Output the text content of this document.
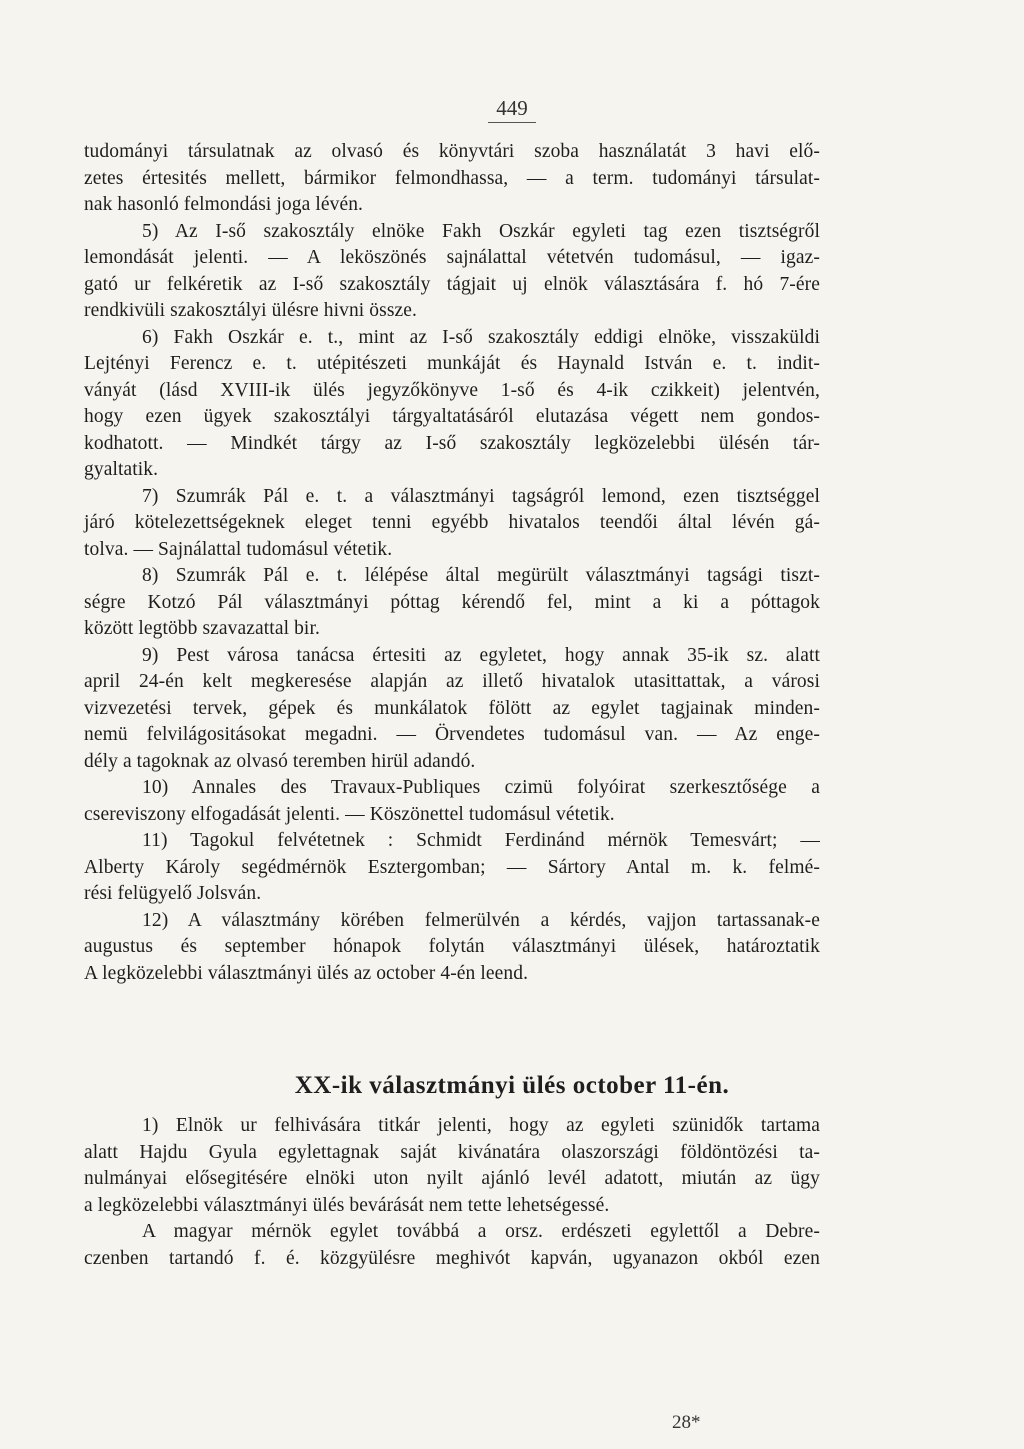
449
tudományi társulatnak az olvasó és könyvtári szoba használatát 3 havi elő-
zetes értesités mellett, bármikor felmondhassa, — a term. tudományi társulat-
nak hasonló felmondási joga lévén.
5) Az I-ső szakosztály elnöke Fakh Oszkár egyleti tag ezen tisztségről
lemondását jelenti. — A leköszönés sajnálattal vétetvén tudomásul, — igaz-
gató ur felkéretik az I-ső szakosztály tágjait uj elnök választására f. hó 7-ére
rendkivüli szakosztályi ülésre hivni össze.
6) Fakh Oszkár e. t., mint az I-ső szakosztály eddigi elnöke, visszaküldi
Lejtényi Ferencz e. t. utépitészeti munkáját és Haynald István e. t. indit-
ványát (lásd XVIII-ik ülés jegyzőkönyve 1-ső és 4-ik czikkeit) jelentvén,
hogy ezen ügyek szakosztályi tárgyaltatásáról elutazása végett nem gondos-
kodhatott. — Mindkét tárgy az I-ső szakosztály legközelebbi ülésén tár-
gyaltatik.
7) Szumrák Pál e. t. a választmányi tagságról lemond, ezen tisztséggel
járó kötelezettségeknek eleget tenni egyébb hivatalos teendői által lévén gá-
tolva. — Sajnálattal tudomásul vétetik.
8) Szumrák Pál e. t. lélépése által megürült választmányi tagsági tiszt-
ségre Kotzó Pál választmányi póttag kérendő fel, mint a ki a póttagok
között legtöbb szavazattal bir.
9) Pest városa tanácsa értesiti az egyletet, hogy annak 35-ik sz. alatt
april 24-én kelt megkeresése alapján az illető hivatalok utasittattak, a városi
vizvezetési tervek, gépek és munkálatok fölött az egylet tagjainak minden-
nemü felvilágositásokat megadni. — Örvendetes tudomásul van. — Az enge-
dély a tagoknak az olvasó teremben hirül adandó.
10) Annales des Travaux-Publiques czimü folyóirat szerkesztősége a
csereviszony elfogadását jelenti. — Köszönettel tudomásul vétetik.
11) Tagokul felvétetnek : Schmidt Ferdinánd mérnök Temesvárt; —
Alberty Károly segédmérnök Esztergomban; — Sártory Antal m. k. felmé-
rési felügyelő Jolsván.
12) A választmány körében felmerülvén a kérdés, vajjon tartassanak-e
augustus és september hónapok folytán választmányi ülések, határoztatik
A legközelebbi választmányi ülés az october 4-én leend.
XX-ik választmányi ülés october 11-én.
1) Elnök ur felhivására titkár jelenti, hogy az egyleti szünidők tartama
alatt Hajdu Gyula egylettagnak saját kivánatára olaszországi földöntözési ta-
nulmányai elősegitésére elnöki uton nyilt ajánló levél adatott, miután az ügy
a legközelebbi választmányi ülés bevárását nem tette lehetségessé.
A magyar mérnök egylet továbbá a orsz. erdészeti egylettől a Debre-
czenben tartandó f. é. közgyülésre meghivót kapván, ugyanazon okból ezen
28*
